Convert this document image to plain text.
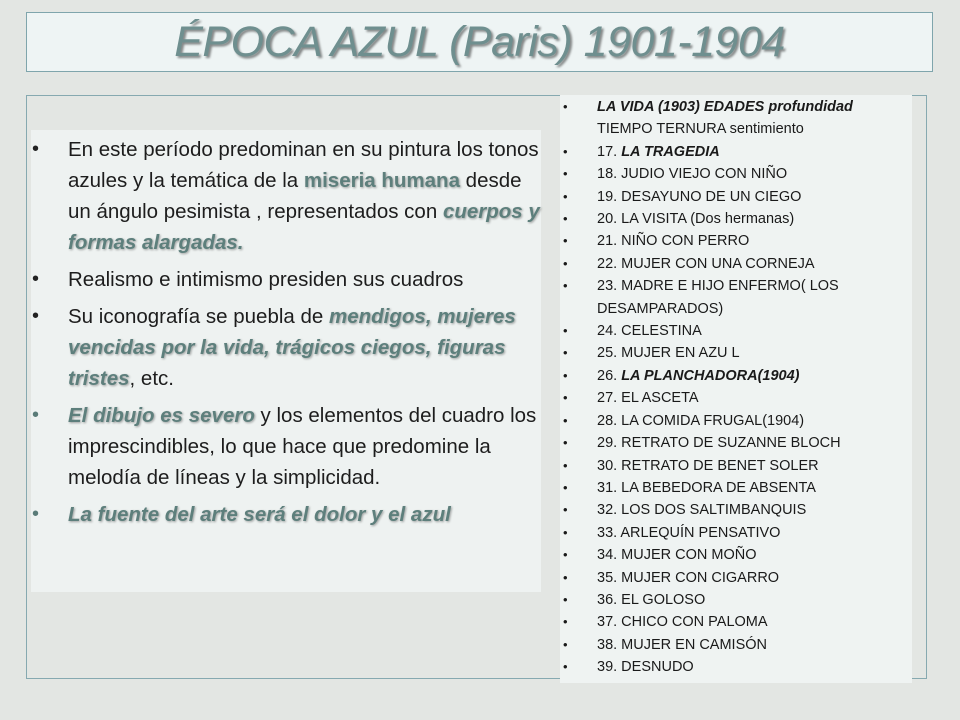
ÉPOCA AZUL (Paris) 1901-1904
• En este período predominan en su pintura los tonos azules y la temática de la miseria humana desde un ángulo pesimista , representados con cuerpos y formas alargadas.
• Realismo e intimismo presiden sus cuadros
• Su iconografía se puebla de mendigos, mujeres vencidas por la vida, trágicos ciegos, figuras tristes, etc.
• El dibujo es severo y los elementos del cuadro los imprescindibles, lo que hace que predomine la melodía de líneas y la simplicidad.
• La fuente del arte será el dolor y el azul
• LA VIDA (1903) EDADES profundidad TIEMPO TERNURA sentimiento
• 17. LA TRAGEDIA
• 18. JUDIO VIEJO CON NIÑO
• 19. DESAYUNO DE UN CIEGO
• 20. LA VISITA (Dos hermanas)
• 21. NIÑO CON PERRO
• 22. MUJER CON UNA CORNEJA
• 23. MADRE E HIJO ENFERMO( LOS DESAMPARADOS)
• 24. CELESTINA
• 25. MUJER EN AZU L
• 26. LA PLANCHADORA(1904)
• 27. EL ASCETA
• 28. LA COMIDA FRUGAL(1904)
• 29. RETRATO DE SUZANNE BLOCH
• 30. RETRATO DE BENET SOLER
• 31. LA BEBEDORA DE ABSENTA
• 32. LOS DOS SALTIMBANQUIS
• 33. ARLEQUÍN PENSATIVO
• 34. MUJER CON MOÑO
• 35. MUJER CON CIGARRO
• 36. EL GOLOSO
• 37. CHICO CON PALOMA
• 38. MUJER EN CAMISÓN
• 39. DESNUDO
